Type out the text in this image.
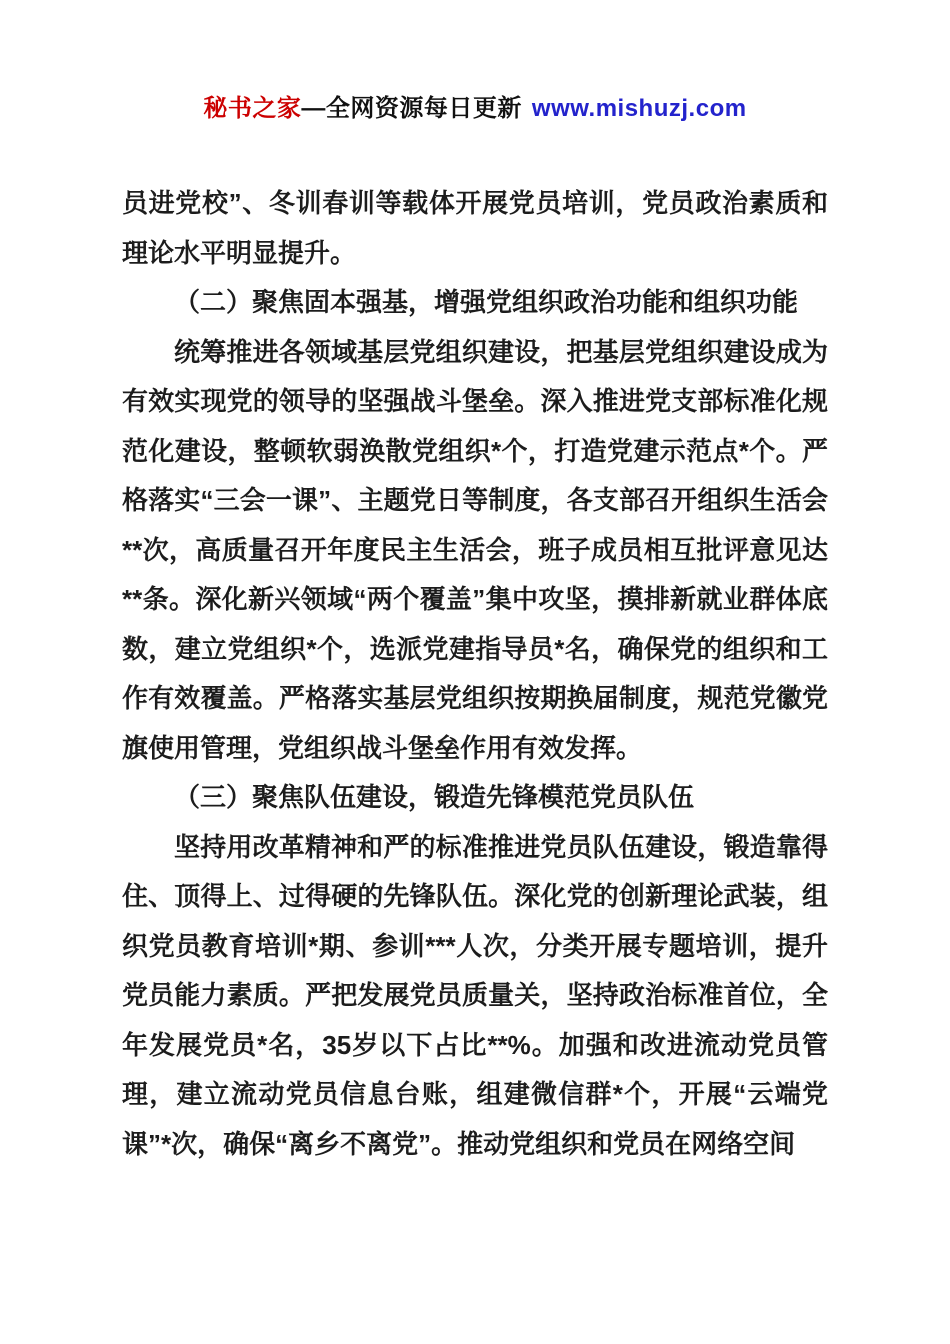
秘书之家—全网资源每日更新 www.mishuzj.com

员进党校”、冬训春训等载体开展党员培训，党员政治素质和理论水平明显提升。

（二）聚焦固本强基，增强党组织政治功能和组织功能

统筹推进各领域基层党组织建设，把基层党组织建设成为有效实现党的领导的坚强战斗堡垒。深入推进党支部标准化规范化建设，整顿软弱涣散党组织*个，打造党建示范点*个。严格落实“三会一课”、主题党日等制度，各支部召开组织生活会**次，高质量召开年度民主生活会，班子成员相互批评意见达**条。深化新兴领域“两个覆盖”集中攻坚，摸排新就业群体底数，建立党组织*个，选派党建指导员*名，确保党的组织和工作有效覆盖。严格落实基层党组织按期换届制度，规范党徽党旗使用管理，党组织战斗堡垒作用有效发挥。

（三）聚焦队伍建设，锻造先锋模范党员队伍

坚持用改革精神和严的标准推进党员队伍建设，锻造靠得住、顶得上、过得硬的先锋队伍。深化党的创新理论武装，组织党员教育培训*期、参训***人次，分类开展专题培训，提升党员能力素质。严把发展党员质量关，坚持政治标准首位，全年发展党员*名，35岁以下占比**%。加强和改进流动党员管理，建立流动党员信息台账，组建微信群*个，开展“云端党课”*次，确保“离乡不离党”。推动党组织和党员在网络空间
